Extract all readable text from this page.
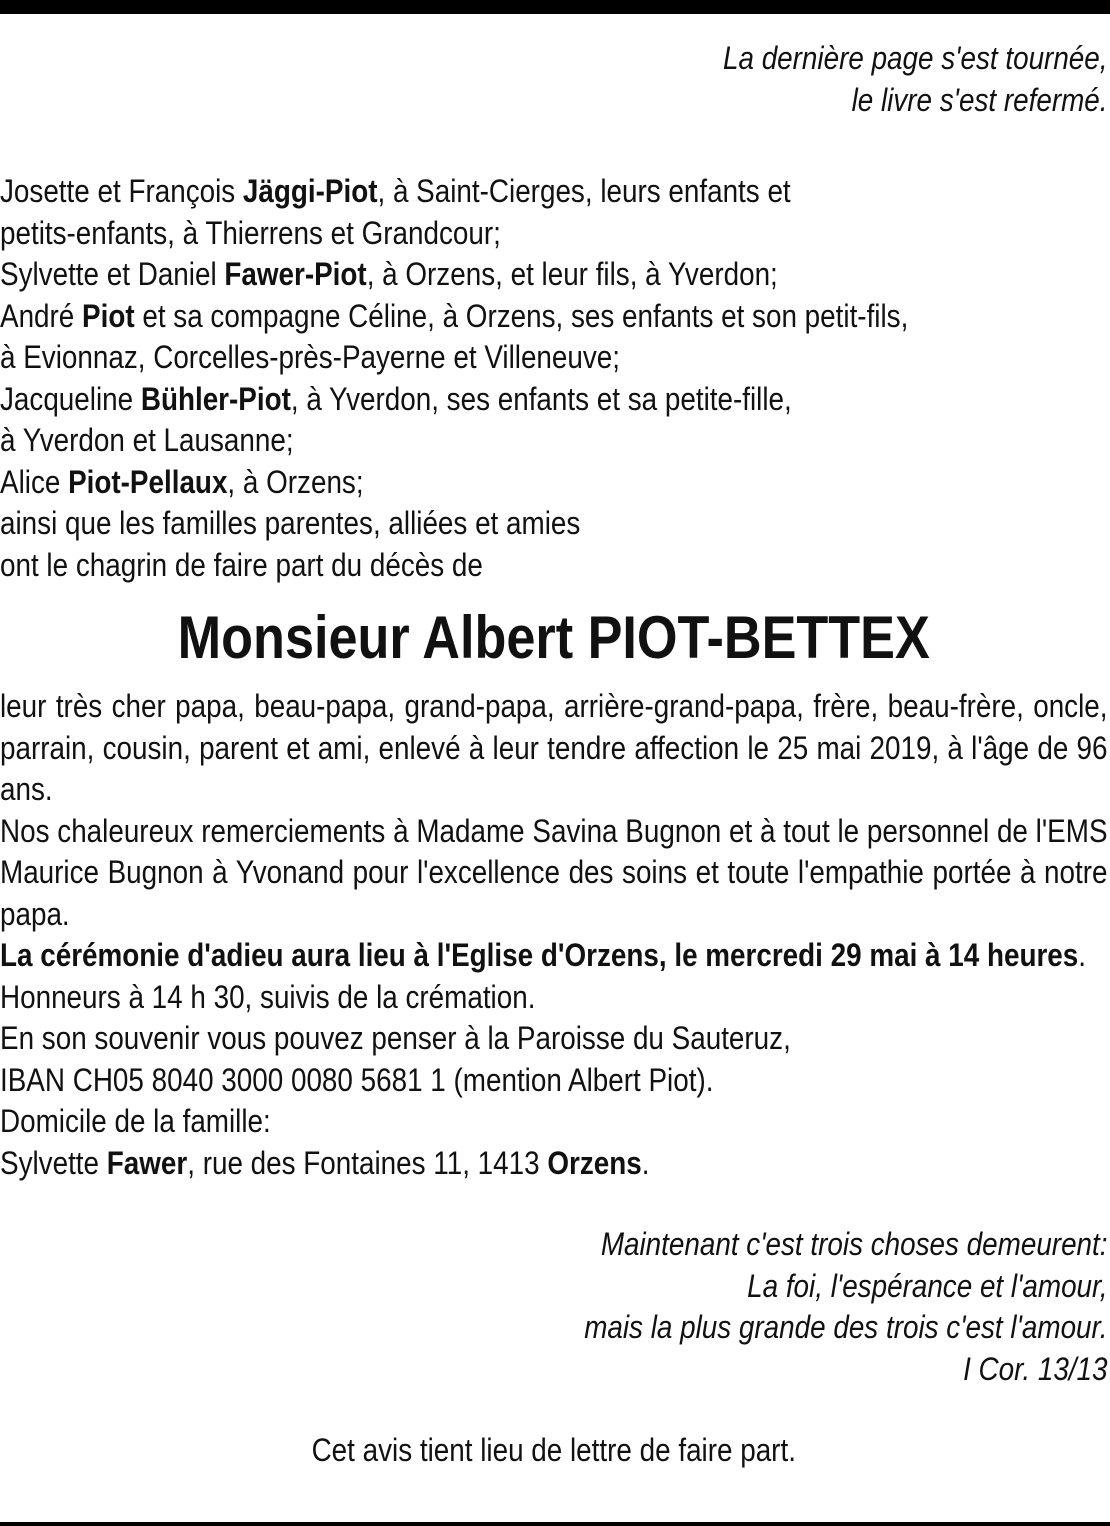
La dernière page s'est tournée,

le livre s'est refermé.

Josette et François Jäggi-Piot, à Saint-Cierges, leurs enfants et

petits-enfants, à Thierrens et Grandcour;

Sylvette et Daniel Fawer-Piot, à Orzens, et leur fils, à Yverdon;

André Piot et sa compagne Céline, à Orzens, ses enfants et son petit-fils,

à Evionnaz, Corcelles-près-Payerne et Villeneuve;

Jacqueline Bühler-Piot, à Yverdon, ses enfants et sa petite-fille,

à Yverdon et Lausanne;

Alice Piot-Pellaux, à Orzens;

ainsi que les familles parentes, alliées et amies

ont le chagrin de faire part du décès de

Monsieur Albert PIOT-BETTEX

leur très cher papa, beau-papa, grand-papa, arrière-grand-papa, frère, beau-frère, oncle, parrain, cousin, parent et ami, enlevé à leur tendre affection le 25 mai 2019, à l'âge de 96 ans.

Nos chaleureux remerciements à Madame Savina Bugnon et à tout le personnel de l'EMS Maurice Bugnon à Yvonand pour l'excellence des soins et toute l'empathie portée à notre papa.

La cérémonie d'adieu aura lieu à l'Eglise d'Orzens, le mercredi 29 mai à 14 heures.

Honneurs à 14 h 30, suivis de la crémation.

En son souvenir vous pouvez penser à la Paroisse du Sauteruz,

IBAN CH05 8040 3000 0080 5681 1 (mention Albert Piot).

Domicile de la famille:

Sylvette Fawer, rue des Fontaines 11, 1413 Orzens.

Maintenant c'est trois choses demeurent:

La foi, l'espérance et l'amour,

mais la plus grande des trois c'est l'amour.

I Cor. 13/13

Cet avis tient lieu de lettre de faire part.
